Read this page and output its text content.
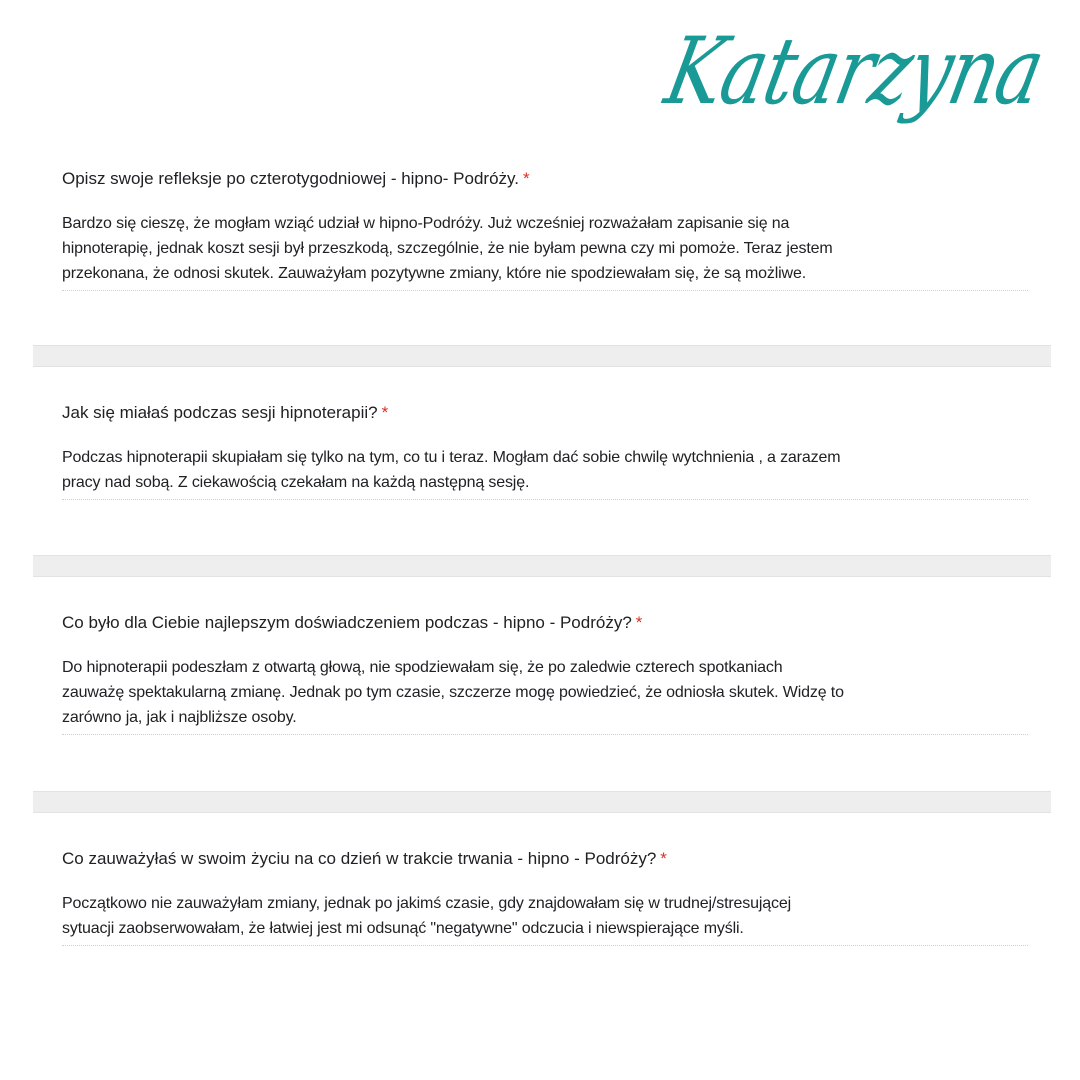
Katarzyna
Opisz swoje refleksje po czterotygodniowej - hipno- Podróży. *
Bardzo się cieszę, że mogłam wziąć udział w hipno-Podróży. Już wcześniej rozważałam zapisanie się na
hipnoterapię, jednak koszt sesji był przeszkodą, szczególnie, że nie byłam pewna czy mi pomoże. Teraz jestem
przekonana, że odnosi skutek. Zauważyłam pozytywne zmiany, które nie spodziewałam się, że są możliwe.
Jak się miałaś podczas sesji hipnoterapii? *
Podczas hipnoterapii skupiałam się tylko na tym, co tu i teraz. Mogłam dać sobie chwilę wytchnienia , a zarazem
pracy nad sobą. Z ciekawością czekałam na każdą następną sesję.
Co było dla Ciebie najlepszym doświadczeniem podczas - hipno - Podróży? *
Do hipnoterapii podeszłam z otwartą głową, nie spodziewałam się, że po zaledwie czterech spotkaniach
zauważę spektakularną zmianę. Jednak po tym czasie, szczerze mogę powiedzieć, że odniosła skutek. Widzę to
zarówno ja, jak i najbliższe osoby.
Co zauważyłaś w swoim życiu na co dzień w trakcie trwania - hipno - Podróży? *
Początkowo nie zauważyłam zmiany, jednak po jakimś czasie, gdy znajdowałam się w trudnej/stresującej
sytuacji zaobserwowałam, że łatwiej jest mi odsunąć "negatywne" odczucia i niewspierające myśli.
